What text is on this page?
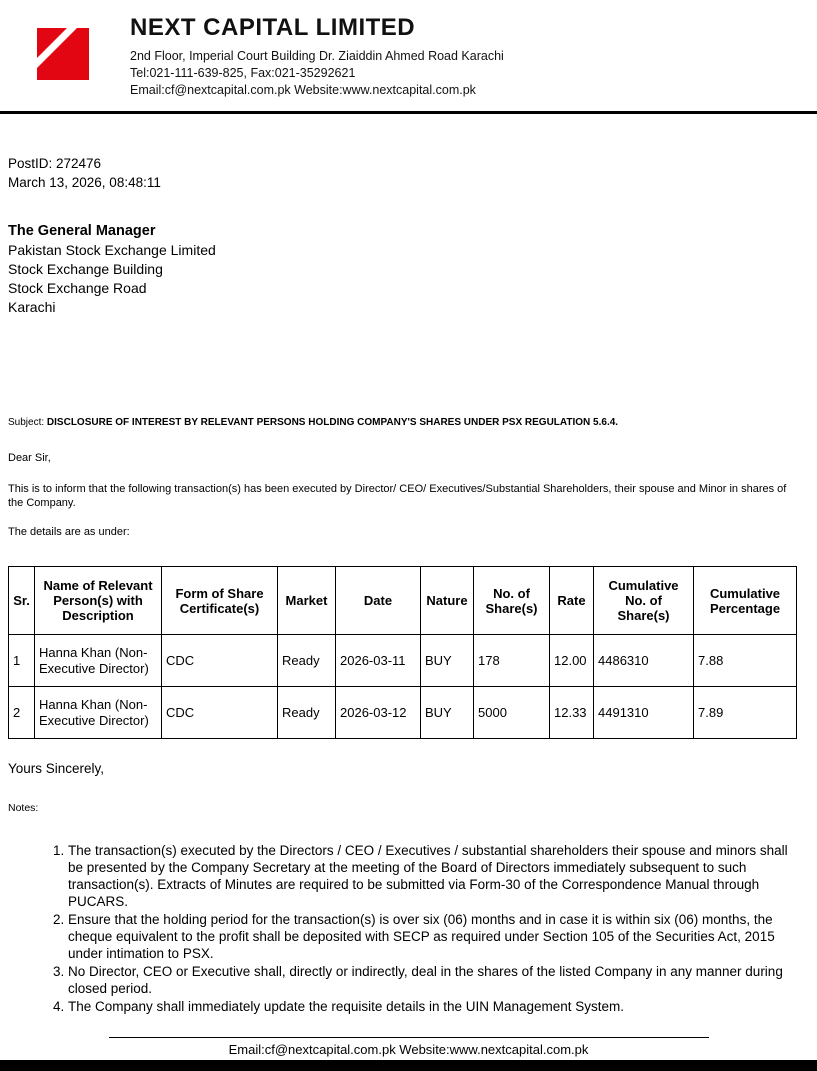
NEXT CAPITAL LIMITED
2nd Floor, Imperial Court Building Dr. Ziaiddin Ahmed Road Karachi
Tel:021-111-639-825, Fax:021-35292621
Email:cf@nextcapital.com.pk Website:www.nextcapital.com.pk
PostID: 272476
March 13, 2026, 08:48:11
The General Manager
Pakistan Stock Exchange Limited
Stock Exchange Building
Stock Exchange Road
Karachi
Subject: DISCLOSURE OF INTEREST BY RELEVANT PERSONS HOLDING COMPANY'S SHARES UNDER PSX REGULATION 5.6.4.
Dear Sir,
This is to inform that the following transaction(s) has been executed by Director/ CEO/ Executives/Substantial Shareholders, their spouse and Minor in shares of the Company.
The details are as under:
Sr.	Name of Relevant Person(s) with Description	Form of Share Certificate(s)	Market	Date	Nature	No. of Share(s)	Rate	Cumulative No. of Share(s)	Cumulative Percentage
1	Hanna Khan (Non-Executive Director)	CDC	Ready	2026-03-11	BUY	178	12.00	4486310	7.88
2	Hanna Khan (Non-Executive Director)	CDC	Ready	2026-03-12	BUY	5000	12.33	4491310	7.89
Yours Sincerely,
Notes:
1. The transaction(s) executed by the Directors / CEO / Executives / substantial shareholders their spouse and minors shall be presented by the Company Secretary at the meeting of the Board of Directors immediately subsequent to such transaction(s). Extracts of Minutes are required to be submitted via Form-30 of the Correspondence Manual through PUCARS.
2. Ensure that the holding period for the transaction(s) is over six (06) months and in case it is within six (06) months, the cheque equivalent to the profit shall be deposited with SECP as required under Section 105 of the Securities Act, 2015 under intimation to PSX.
3. No Director, CEO or Executive shall, directly or indirectly, deal in the shares of the listed Company in any manner during closed period.
4. The Company shall immediately update the requisite details in the UIN Management System.
Email:cf@nextcapital.com.pk Website:www.nextcapital.com.pk
